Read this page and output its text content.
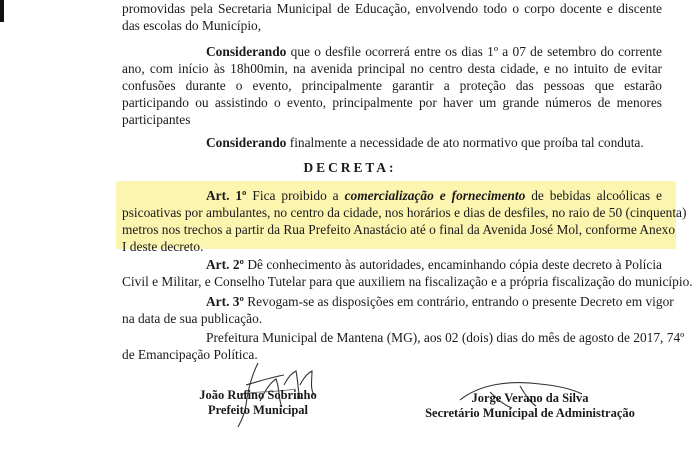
promovidas pela Secretaria Municipal de Educação, envolvendo todo o corpo docente e discente
das escolas do Município,
Considerando que o desfile ocorrerá entre os dias 1º a 07 de setembro do corrente
ano, com início às 18h00min, na avenida principal no centro desta cidade, e no intuito de evitar
confusões durante o evento, principalmente garantir a proteção das pessoas que estarão
participando ou assistindo o evento, principalmente por haver um grande números de menores
participantes
Considerando finalmente a necessidade de ato normativo que proíba tal conduta.
DECRETA:
Art. 1º Fica proibido a comercialização e fornecimento de bebidas alcoólicas e
psicoativas por ambulantes, no centro da cidade, nos horários e dias de desfiles, no raio de 50 (cinquenta)
metros nos trechos a partir da Rua Prefeito Anastácio até o final da Avenida José Mol, conforme Anexo
I deste decreto.
Art. 2º Dê conhecimento às autoridades, encaminhando cópia deste decreto à Polícia
Civil e Militar, e Conselho Tutelar para que auxiliem na fiscalização e a própria fiscalização do município.
Art. 3º Revogam-se as disposições em contrário, entrando o presente Decreto em vigor
na data de sua publicação.
Prefeitura Municipal de Mantena (MG), aos 02 (dois) dias do mês de agosto de 2017, 74º
de Emancipação Política.
João Rufino Sobrinho
Prefeito Municipal
Jorge Verano da Silva
Secretário Municipal de Administração
